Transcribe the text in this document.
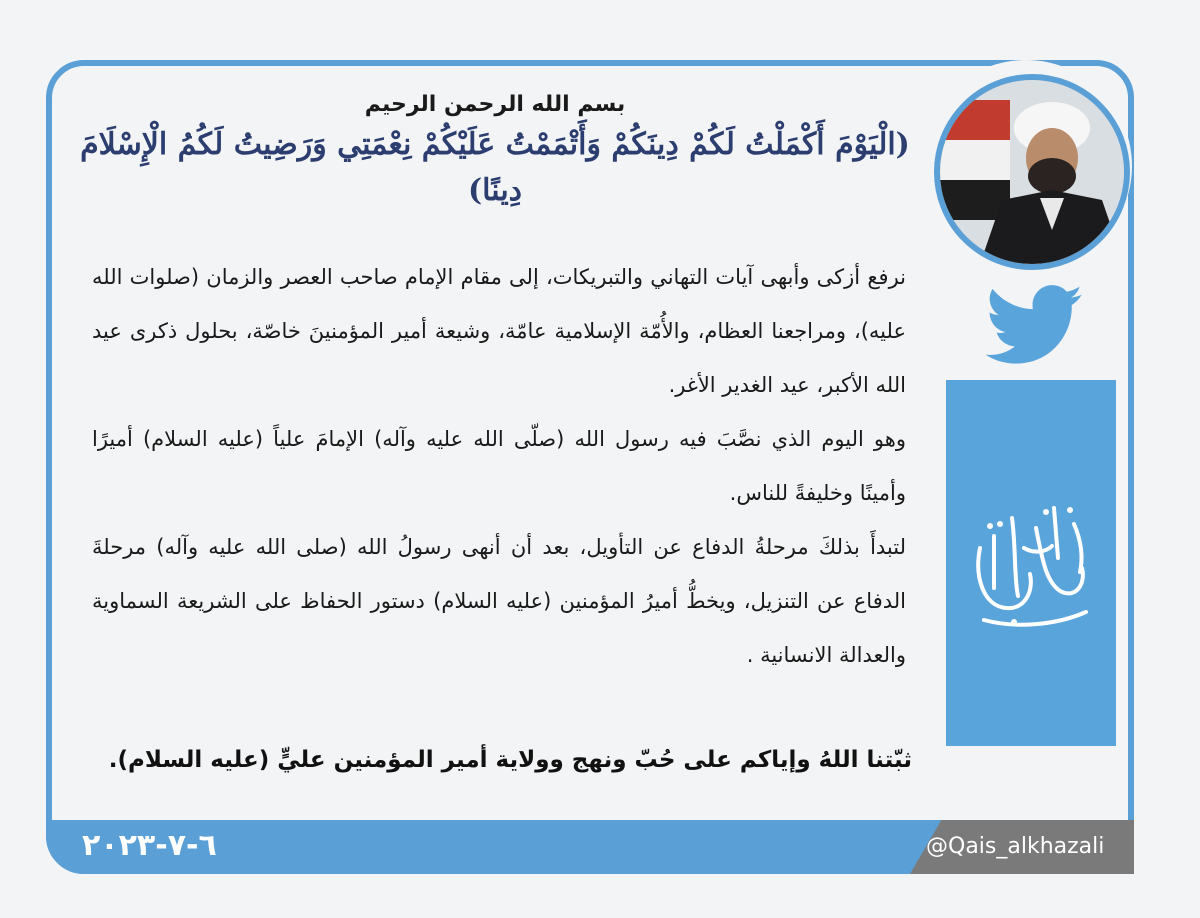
٦-٧-٢٠٢٣	@Qais_alkhazali
بسم الله الرحمن الرحيم
(الْيَوْمَ أَكْمَلْتُ لَكُمْ دِينَكُمْ وَأَتْمَمْتُ عَلَيْكُمْ نِعْمَتِي وَرَضِيتُ لَكُمُ الْإِسْلَامَ دِينًا)

نرفع أزكى وأبهى آيات التهاني والتبريكات، إلى مقام الإمام صاحب العصر والزمان (صلوات الله عليه)، ومراجعنا العظام، والأُمّة الإسلامية عامّة، وشيعة أمير المؤمنينَ خاصّة، بحلول ذكرى عيد الله الأكبر، عيد الغدير الأغر.

وهو اليوم الذي نصَّبَ فيه رسول الله (صلّى الله عليه وآله) الإمامَ علياً (عليه السلام) أميرًا وأمينًا وخليفةً للناس.

لتبدأَ بذلكَ مرحلةُ الدفاع عن التأويل، بعد أن أنهى رسولُ الله (صلى الله عليه وآله) مرحلةَ الدفاع عن التنزيل، ويخطُّ أميرُ المؤمنين (عليه السلام) دستور الحفاظ على الشريعة السماوية والعدالة الانسانية .

ثبّتنا اللهُ وإياكم على حُبّ ونهج وولاية أمير المؤمنين عليٍّ (عليه السلام).
